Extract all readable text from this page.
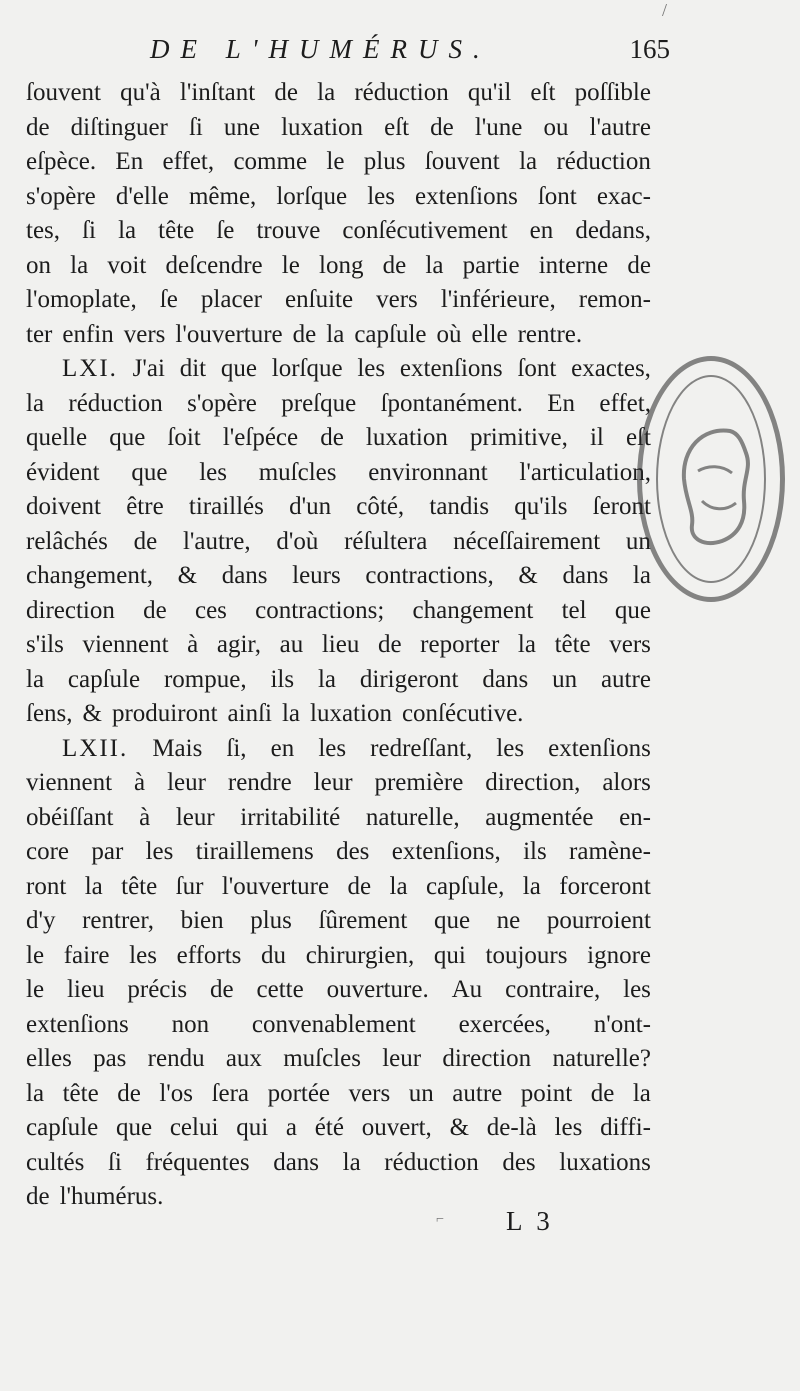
/
DE L'HUMÉRUS.	165
ſouvent qu'à l'inſtant de la réduction qu'il eſt poſſible
de diſtinguer ſi une luxation eſt de l'une ou l'autre
eſpèce. En effet, comme le plus ſouvent la réduction
s'opère d'elle même, lorſque les extenſions ſont exac-
tes, ſi la tête ſe trouve conſécutivement en dedans,
on la voit deſcendre le long de la partie interne de
l'omoplate, ſe placer enſuite vers l'inférieure, remon-
ter enfin vers l'ouverture de la capſule où elle rentre.
LXI. J'ai dit que lorſque les extenſions ſont exactes,
la réduction s'opère preſque ſpontanément. En effet,
quelle que ſoit l'eſpéce de luxation primitive, il eſt
évident que les muſcles environnant l'articulation,
doivent être tiraillés d'un côté, tandis qu'ils ſeront
relâchés de l'autre, d'où réſultera néceſſairement un
changement, & dans leurs contractions, & dans la
direction de ces contractions; changement tel que
s'ils viennent à agir, au lieu de reporter la tête vers
la capſule rompue, ils la dirigeront dans un autre
ſens, & produiront ainſi la luxation conſécutive.
LXII. Mais ſi, en les redreſſant, les extenſions
viennent à leur rendre leur première direction, alors
obéiſſant à leur irritabilité naturelle, augmentée en-
core par les tiraillemens des extenſions, ils ramène-
ront la tête ſur l'ouverture de la capſule, la forceront
d'y rentrer, bien plus ſûrement que ne pourroient
le faire les efforts du chirurgien, qui toujours ignore
le lieu précis de cette ouverture. Au contraire, les
extenſions non convenablement exercées, n'ont-
elles pas rendu aux muſcles leur direction naturelle?
la tête de l'os ſera portée vers un autre point de la
capſule que celui qui a été ouvert, & de-là les diffi-
cultés ſi fréquentes dans la réduction des luxations
de l'humérus.
L 3
⌐
